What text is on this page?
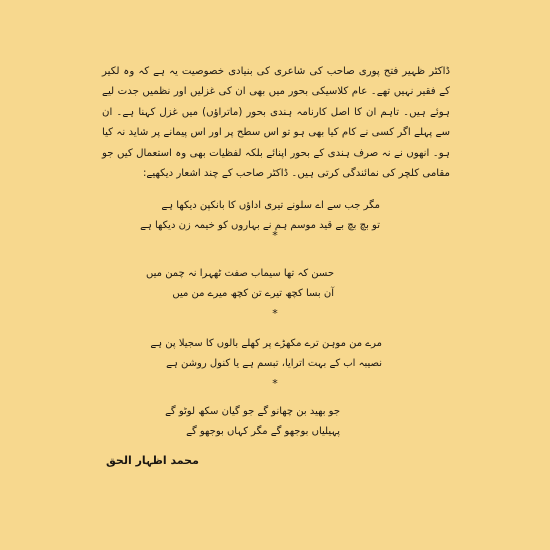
ڈاکٹر ظہیر فتح پوری صاحب کی شاعری کی بنیادی خصوصیت یہ ہے کہ وہ لکیر کے فقیر نہیں تھے۔ عام کلاسیکی بحور میں بھی ان کی غزلیں اور نظمیں جدت لیے ہوئے ہیں۔ تاہم ان کا اصل کارنامہ ہندی بحور (ماتراؤں) میں غزل کہنا ہے۔ ان سے پہلے اگر کسی نے کام کیا بھی ہو تو اس سطح پر اور اس پیمانے پر شاید نہ کیا ہو۔ انھوں نے نہ صرف ہندی کے بحور اپنائے بلکہ لفظیات بھی وہ استعمال کیں جو مقامی کلچر کی نمائندگی کرتی ہیں۔ ڈاکٹر صاحب کے چند اشعار دیکھیے:

مگر جب سے اے سلونے تیری اداؤں کا بانکپن دیکھا ہے
تو بچ بچ بے قید موسم ہم نے بہاروں کو خیمہ زن دیکھا ہے
*
حسن کہ تھا سیماب صفت ٹھہرا نہ چمن میں
آن بسا کچھ تیرے تن کچھ میرے من میں
*
مرے من موہن ترے مکھڑے پر کھلے بالوں کا سجیلا پن ہے
نصیبہ اب کے بہت اترایا، تبسم ہے یا کنول روشن ہے
*
جو بھید بن چھانو گے جو گیان سکھ لوٹو گے
پہیلیاں بوجھو گے مگر کہاں بوجھو گے
محمد اظہار الحق
